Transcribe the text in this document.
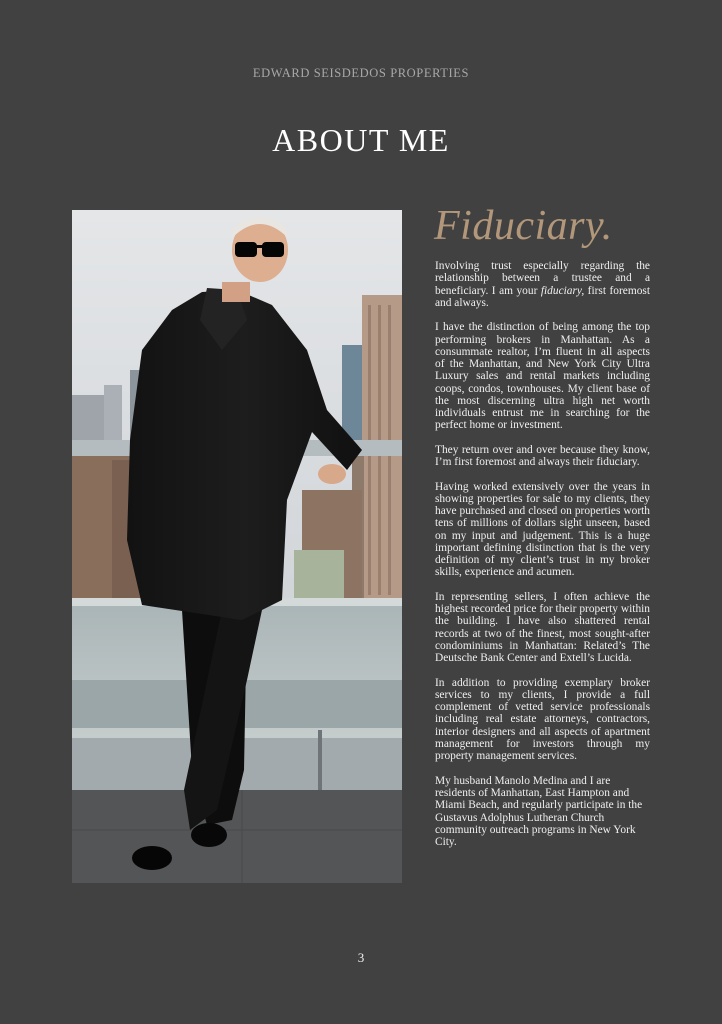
EDWARD SEISDEDOS PROPERTIES
ABOUT ME
Fiduciary.

Involving trust especially regarding the relationship between a trustee and a beneficiary. I am your fiduciary, first foremost and always.

I have the distinction of being among the top performing brokers in Manhattan. As a consummate realtor, I’m fluent in all aspects of the Manhattan, and New York City Ultra Luxury sales and rental markets including coops, condos, townhouses. My client base of the most discerning ultra high net worth individuals entrust me in searching for the perfect home or investment.

They return over and over because they know, I’m first foremost and always their fiduciary.

Having worked extensively over the years in showing properties for sale to my clients, they have purchased and closed on properties worth tens of millions of dollars sight unseen, based on my input and judgement. This is a huge important defining distinction that is the very definition of my client’s trust in my broker skills, experience and acumen.

In representing sellers, I often achieve the highest recorded price for their property within the building. I have also shattered rental records at two of the finest, most sought-after condominiums in Manhattan: Related’s The Deutsche Bank Center and Extell’s Lucida.

In addition to providing exemplary broker services to my clients, I provide a full complement of vetted service professionals including real estate attorneys, contractors, interior designers and all aspects of apartment management for investors through my property management services.

My husband Manolo Medina and I are residents of Manhattan, East Hampton and Miami Beach, and regularly participate in the Gustavus Adolphus Lutheran Church community outreach programs in New York City.

3
